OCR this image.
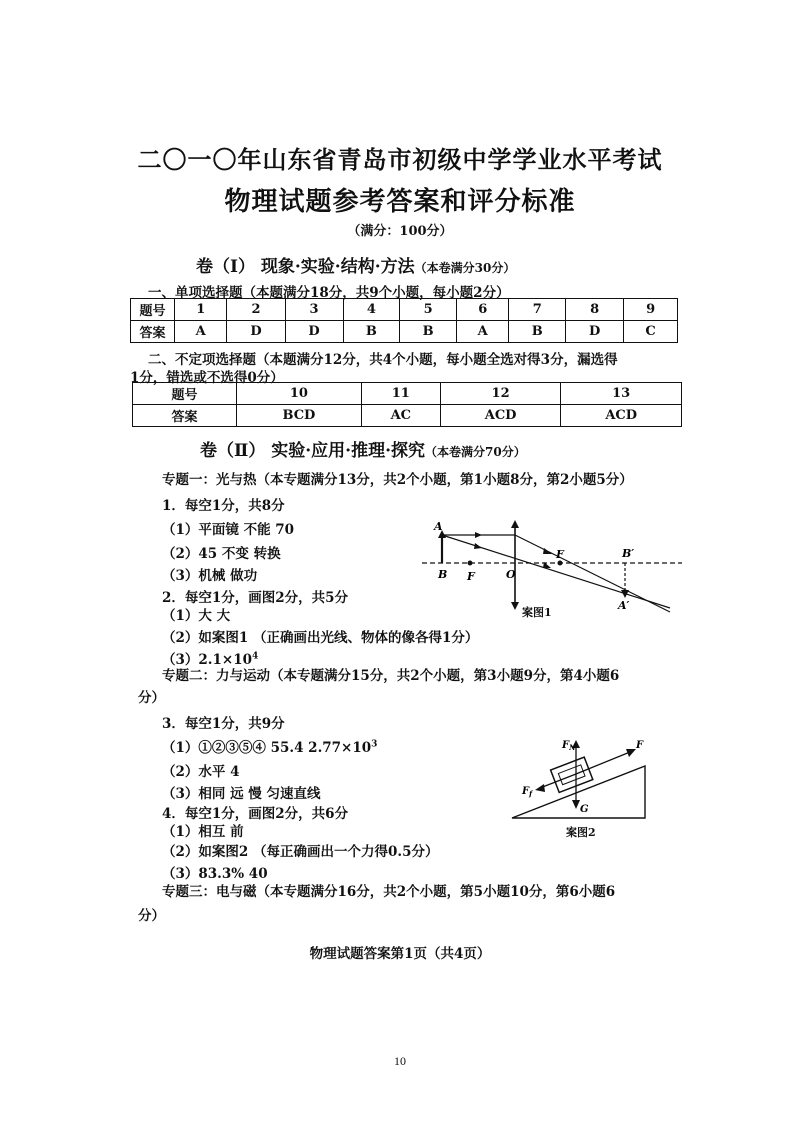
二〇一〇年山东省青岛市初级中学学业水平考试
物理试题参考答案和评分标准
（满分：100分）
卷（Ⅰ） 现象·实验·结构·方法（本卷满分30分）
一、单项选择题（本题满分18分，共9个小题，每小题2分）
题号	1	2	3	4	5	6	7	8	9
答案	A	D	D	B	B	A	B	D	C
二、不定项选择题（本题满分12分，共4个小题，每小题全选对得3分，漏选得
1分，错选或不选得0分）
题号	10	11	12	13
答案	BCD	AC	ACD	ACD
卷（Ⅱ） 实验·应用·推理·探究（本卷满分70分）
专题一：光与热（本专题满分13分，共2个小题，第1小题8分，第2小题5分）
1．每空1分，共8分
（1）平面镜 不能 70
（2）45 不变 转换
（3）机械 做功
2．每空1分，画图2分，共5分
（1）大 大
（2）如案图1 （正确画出光线、物体的像各得1分）
$(3)2.1\times 10^4$
A
B F	O
F	B′
A′
案图1
专题二：力与运动（本专题满分15分，共2个小题，第3小题9分，第4小题6
分）
3．每空1分，共9分
（1）①②③⑤④ 55.4 $2.77\times 10^3$
（2）水平 4
（3）相同 远 慢 匀速直线
4．每空1分，画图2分，共6分
（1）相互 前
（2）如案图2 （每正确画出一个力得0.5分）
（3）83.3% 40
$F_N$	F
$F_f$
G
案图2
专题三：电与磁（本专题满分16分，共2个小题，第5小题10分，第6小题6
分）
物理试题答案第1页（共4页）
10
